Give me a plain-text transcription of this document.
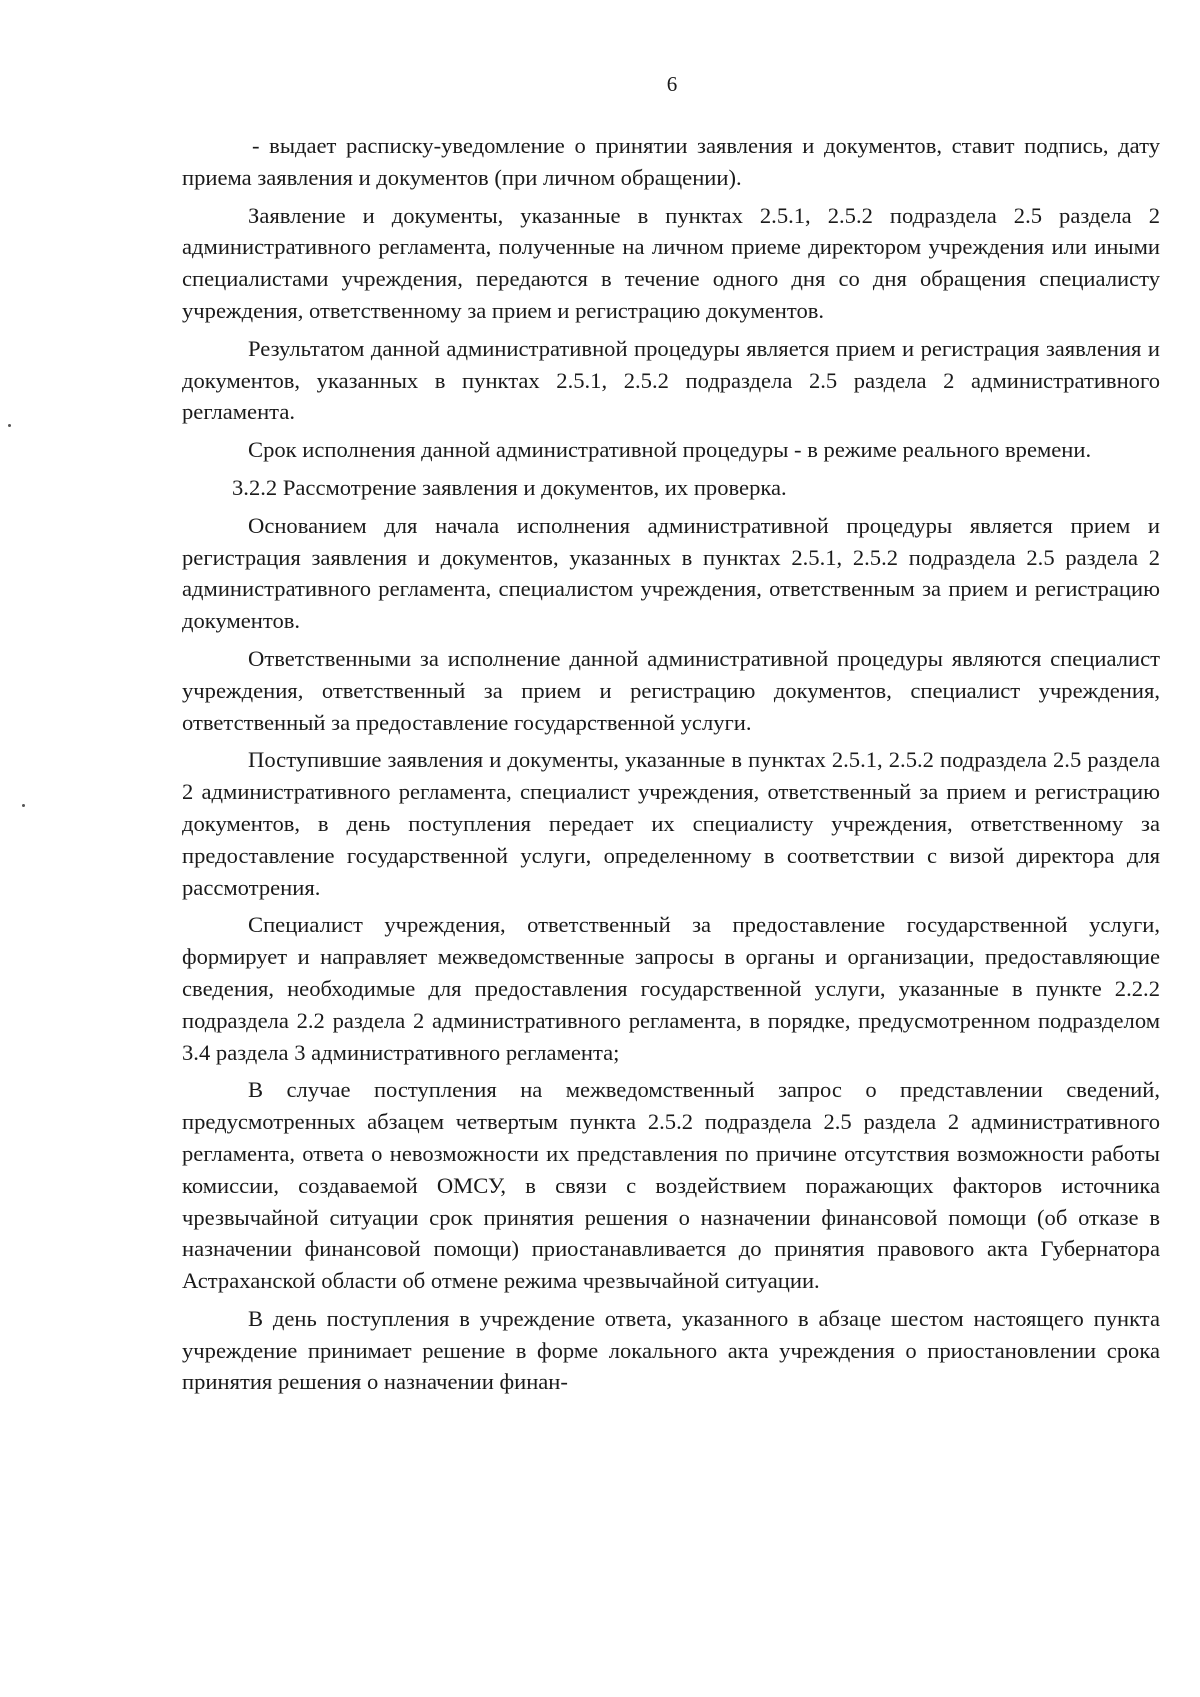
6

- выдает расписку-уведомление о принятии заявления и документов, ставит подпись, дату приема заявления и документов (при личном обращении).

Заявление и документы, указанные в пунктах 2.5.1, 2.5.2 подраздела 2.5 раздела 2 административного регламента, полученные на личном приеме директором учреждения или иными специалистами учреждения, передаются в течение одного дня со дня обращения специалисту учреждения, ответственному за прием и регистрацию документов.

Результатом данной административной процедуры является прием и регистрация заявления и документов, указанных в пунктах 2.5.1, 2.5.2 подраздела 2.5 раздела 2 административного регламента.

Срок исполнения данной административной процедуры - в режиме реального времени.

3.2.2 Рассмотрение заявления и документов, их проверка.

Основанием для начала исполнения административной процедуры является прием и регистрация заявления и документов, указанных в пунктах 2.5.1, 2.5.2 подраздела 2.5 раздела 2 административного регламента, специалистом учреждения, ответственным за прием и регистрацию документов.

Ответственными за исполнение данной административной процедуры являются специалист учреждения, ответственный за прием и регистрацию документов, специалист учреждения, ответственный за предоставление государственной услуги.

Поступившие заявления и документы, указанные в пунктах 2.5.1, 2.5.2 подраздела 2.5 раздела 2 административного регламента, специалист учреждения, ответственный за прием и регистрацию документов, в день поступления передает их специалисту учреждения, ответственному за предоставление государственной услуги, определенному в соответствии с визой директора для рассмотрения.

Специалист учреждения, ответственный за предоставление государственной услуги, формирует и направляет межведомственные запросы в органы и организации, предоставляющие сведения, необходимые для предоставления государственной услуги, указанные в пункте 2.2.2 подраздела 2.2 раздела 2 административного регламента, в порядке, предусмотренном подразделом 3.4 раздела 3 административного регламента;

В случае поступления на межведомственный запрос о представлении сведений, предусмотренных абзацем четвертым пункта 2.5.2 подраздела 2.5 раздела 2 административного регламента, ответа о невозможности их представления по причине отсутствия возможности работы комиссии, создаваемой ОМСУ, в связи с воздействием поражающих факторов источника чрезвычайной ситуации срок принятия решения о назначении финансовой помощи (об отказе в назначении финансовой помощи) приостанавливается до принятия правового акта Губернатора Астраханской области об отмене режима чрезвычайной ситуации.

В день поступления в учреждение ответа, указанного в абзаце шестом настоящего пункта учреждение принимает решение в форме локального акта учреждения о приостановлении срока принятия решения о назначении финан-
